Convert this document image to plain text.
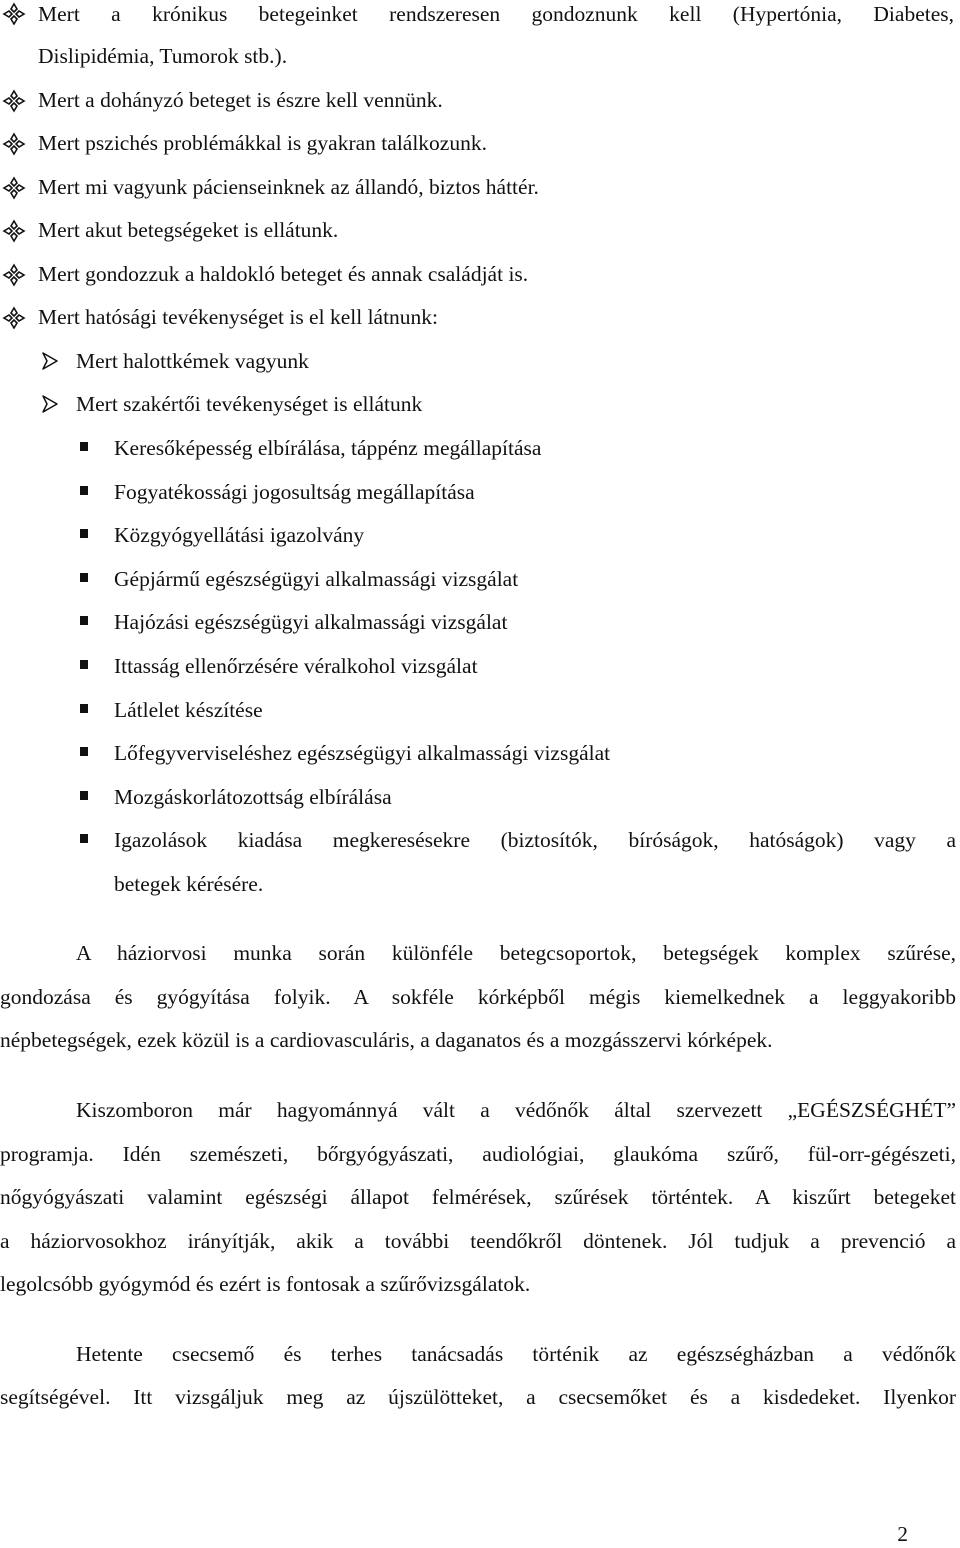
Mert a krónikus betegeinket rendszeresen gondoznunk kell (Hypertónia, Diabetes,
Dislipidémia, Tumorok stb.).
Mert a dohányzó beteget is észre kell vennünk.
Mert pszichés problémákkal is gyakran találkozunk.
Mert mi vagyunk pácienseinknek az állandó, biztos háttér.
Mert akut betegségeket is ellátunk.
Mert gondozzuk a haldokló beteget és annak családját is.
Mert hatósági tevékenységet is el kell látnunk:
Mert halottkémek vagyunk
Mert szakértői tevékenységet is ellátunk
Keresőképesség elbírálása, táppénz megállapítása
Fogyatékossági jogosultság megállapítása
Közgyógyellátási igazolvány
Gépjármű egészségügyi alkalmassági vizsgálat
Hajózási egészségügyi alkalmassági vizsgálat
Ittasság ellenőrzésére véralkohol vizsgálat
Látlelet készítése
Lőfegyverviseléshez egészségügyi alkalmassági vizsgálat
Mozgáskorlátozottság elbírálása
Igazolások kiadása megkeresésekre (biztosítók, bíróságok, hatóságok) vagy a
betegek kérésére.
A háziorvosi munka során különféle betegcsoportok, betegségek komplex szűrése,
gondozása és gyógyítása folyik. A sokféle kórképből mégis kiemelkednek a leggyakoribb
népbetegségek, ezek közül is a cardiovasculáris, a daganatos és a mozgásszervi kórképek.
Kiszomboron már hagyománnyá vált a védőnők által szervezett „EGÉSZSÉGHÉT”
programja. Idén szemészeti, bőrgyógyászati, audiológiai, glaukóma szűrő, fül-orr-gégészeti,
nőgyógyászati valamint egészségi állapot felmérések, szűrések történtek. A kiszűrt betegeket
a háziorvosokhoz irányítják, akik a további teendőkről döntenek. Jól tudjuk a prevenció a
legolcsóbb gyógymód és ezért is fontosak a szűrővizsgálatok.
Hetente csecsemő és terhes tanácsadás történik az egészségházban a védőnők
segítségével. Itt vizsgáljuk meg az újszülötteket, a csecsemőket és a kisdedeket. Ilyenkor
2
